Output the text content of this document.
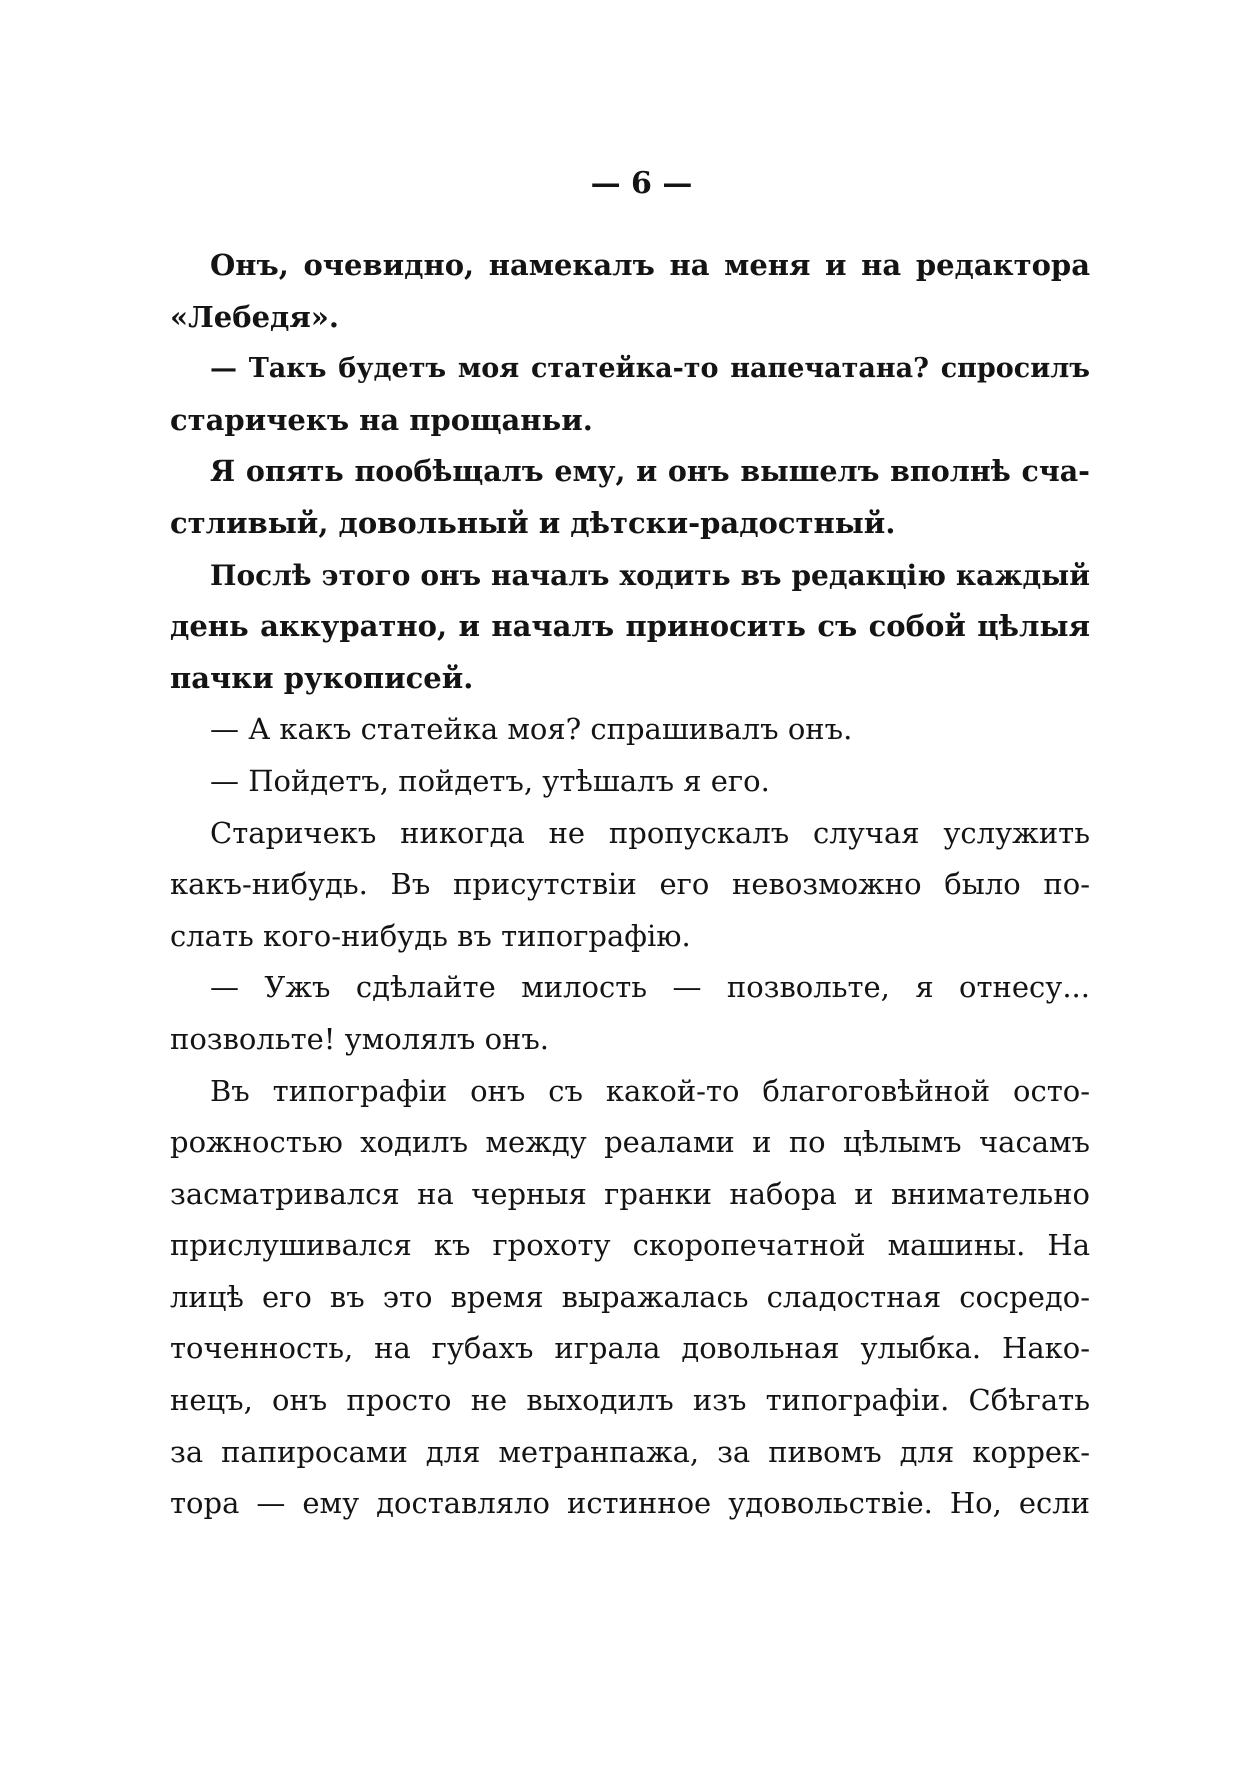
— 6 —
Онъ, очевидно, намекалъ на меня и на редактора
«Лебедя».
— Такъ будетъ моя статейка-то напечатана? спросилъ
старичекъ на прощаньи.
Я опять пообѣщалъ ему, и онъ вышелъ вполнѣ сча-
стливый, довольный и дѣтски-радостный.
Послѣ этого онъ началъ ходить въ редакцію каждый
день аккуратно, и началъ приносить съ собой цѣлыя
пачки рукописей.
— А какъ статейка моя? спрашивалъ онъ.
— Пойдетъ, пойдетъ, утѣшалъ я его.
Старичекъ никогда не пропускалъ случая услужить
какъ-нибудь. Въ присутствіи его невозможно было по-
слать кого-нибудь въ типографію.
— Ужъ сдѣлайте милость — позвольте, я отнесу...
позвольте! умолялъ онъ.
Въ типографіи онъ съ какой-то благоговѣйной осто-
рожностью ходилъ между реалами и по цѣлымъ часамъ
засматривался на черныя гранки набора и внимательно
прислушивался къ грохоту скоропечатной машины. На
лицѣ его въ это время выражалась сладостная сосредо-
точенность, на губахъ играла довольная улыбка. Нако-
нецъ, онъ просто не выходилъ изъ типографіи. Сбѣгать
за папиросами для метранпажа, за пивомъ для коррек-
тора — ему доставляло истинное удовольствіе. Но, если
